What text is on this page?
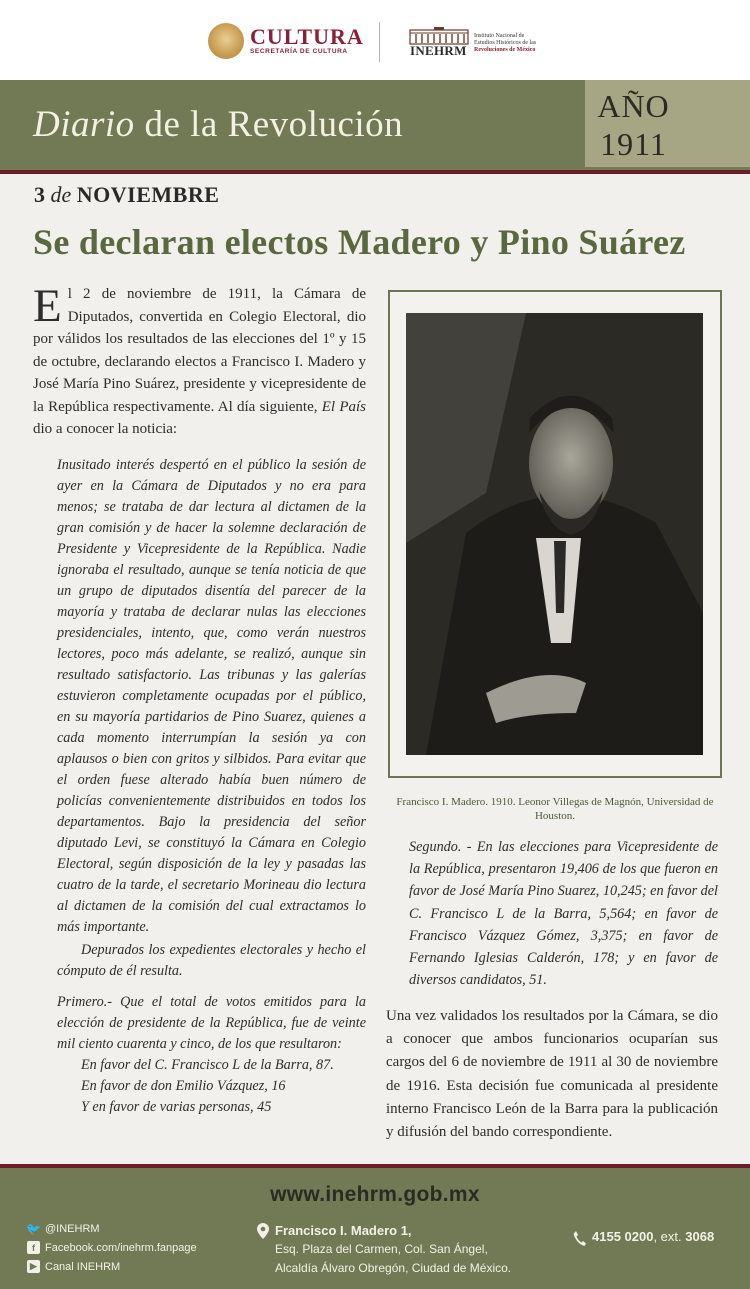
CULTURA
SECRETARÍA DE CULTURA	INEHRM
Instituto Nacional de
Estudios Históricos de las
Revoluciones de México
Diario de la Revolución	AÑO
1911
3 de NOVIEMBRE
Se declaran electos Madero y Pino Suárez
El 2 de noviembre de 1911, la Cámara de Diputados, convertida en Colegio Electoral, dio por válidos los resultados de las elecciones del 1º y 15 de octubre, declarando electos a Francisco I. Madero y José María Pino Suárez, presidente y vicepresidente de la República respectivamente. Al día siguiente, El País dio a conocer la noticia:

Inusitado interés despertó en el público la sesión de ayer en la Cámara de Diputados y no era para menos; se trataba de dar lectura al dictamen de la gran comisión y de hacer la solemne declaración de Presidente y Vicepresidente de la República. Nadie ignoraba el resultado, aunque se tenía noticia de que un grupo de diputados disentía del parecer de la mayoría y trataba de declarar nulas las elecciones presidenciales, intento, que, como verán nuestros lectores, poco más adelante, se realizó, aunque sin resultado satisfactorio. Las tribunas y las galerías estuvieron completamente ocupadas por el público, en su mayoría partidarios de Pino Suarez, quienes a cada momento interrumpían la sesión ya con aplausos o bien con gritos y silbidos. Para evitar que el orden fuese alterado había buen número de policías convenientemente distribuidos en todos los departamentos. Bajo la presidencia del señor diputado Levi, se constituyó la Cámara en Colegio Electoral, según disposición de la ley y pasadas las cuatro de la tarde, el secretario Morineau dio lectura al dictamen de la comisión del cual extractamos lo más importante.

Depurados los expedientes electorales y hecho el cómputo de él resulta.

Primero.- Que el total de votos emitidos para la elección de presidente de la República, fue de veinte mil ciento cuarenta y cinco, de los que resultaron:

En favor del C. Francisco L de la Barra, 87.
En favor de don Emilio Vázquez, 16
Y en favor de varias personas, 45
Francisco I. Madero. 1910. Leonor Villegas de Magnón, Universidad de Houston.
Segundo. - En las elecciones para Vicepresidente de la República, presentaron 19,406 de los que fueron en favor de José María Pino Suarez, 10,245; en favor del C. Francisco L de la Barra, 5,564; en favor de Francisco Vázquez Gómez, 3,375; en favor de Fernando Iglesias Calderón, 178; y en favor de diversos candidatos, 51.
Una vez validados los resultados por la Cámara, se dio a conocer que ambos funcionarios ocuparían sus cargos del 6 de noviembre de 1911 al 30 de noviembre de 1916. Esta decisión fue comunicada al presidente interno Francisco León de la Barra para la publicación y difusión del bando correspondiente.
www.inehrm.gob.mx
🐦 @INEHRM
f Facebook.com/inehrm.fanpage
▶ Canal INEHRM
Francisco I. Madero 1,
Esq. Plaza del Carmen, Col. San Ángel,
Alcaldía Álvaro Obregón, Ciudad de México.
4155 0200, ext. 3068
